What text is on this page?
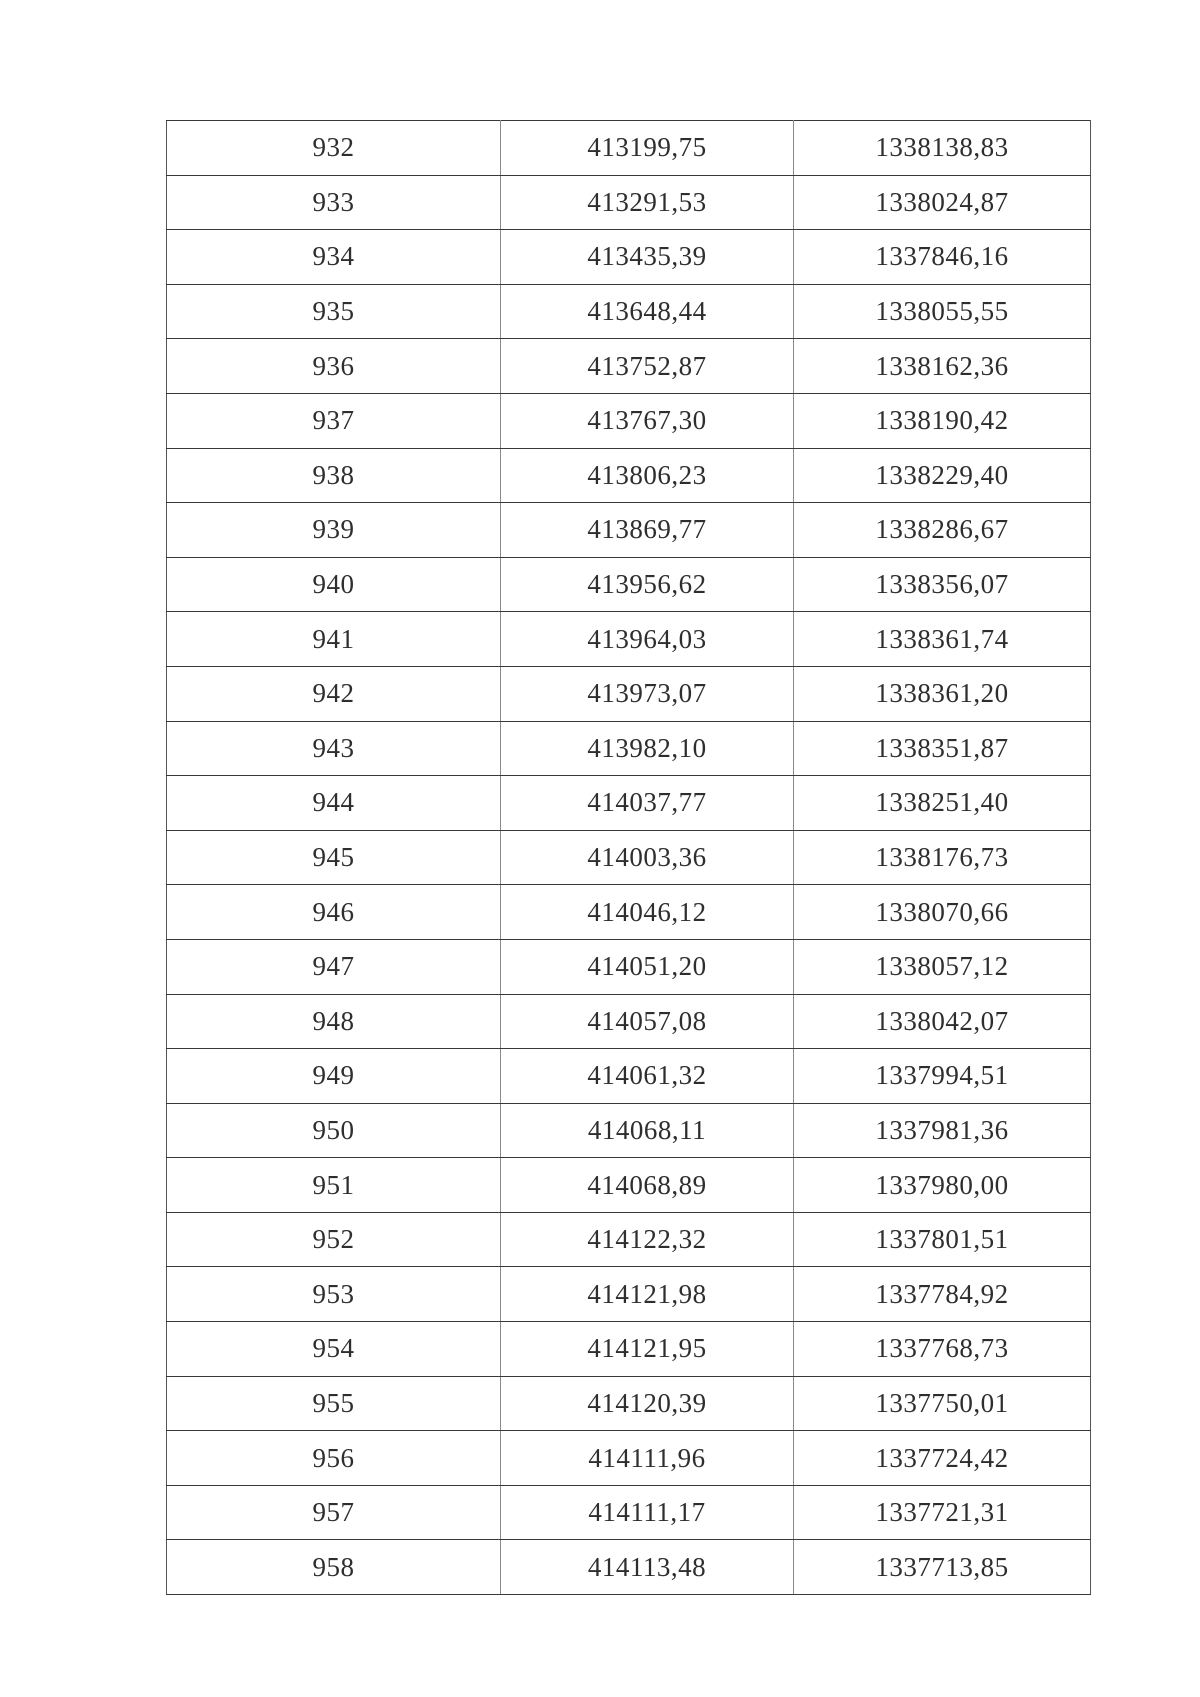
932	413199,75	1338138,83
933	413291,53	1338024,87
934	413435,39	1337846,16
935	413648,44	1338055,55
936	413752,87	1338162,36
937	413767,30	1338190,42
938	413806,23	1338229,40
939	413869,77	1338286,67
940	413956,62	1338356,07
941	413964,03	1338361,74
942	413973,07	1338361,20
943	413982,10	1338351,87
944	414037,77	1338251,40
945	414003,36	1338176,73
946	414046,12	1338070,66
947	414051,20	1338057,12
948	414057,08	1338042,07
949	414061,32	1337994,51
950	414068,11	1337981,36
951	414068,89	1337980,00
952	414122,32	1337801,51
953	414121,98	1337784,92
954	414121,95	1337768,73
955	414120,39	1337750,01
956	414111,96	1337724,42
957	414111,17	1337721,31
958	414113,48	1337713,85
